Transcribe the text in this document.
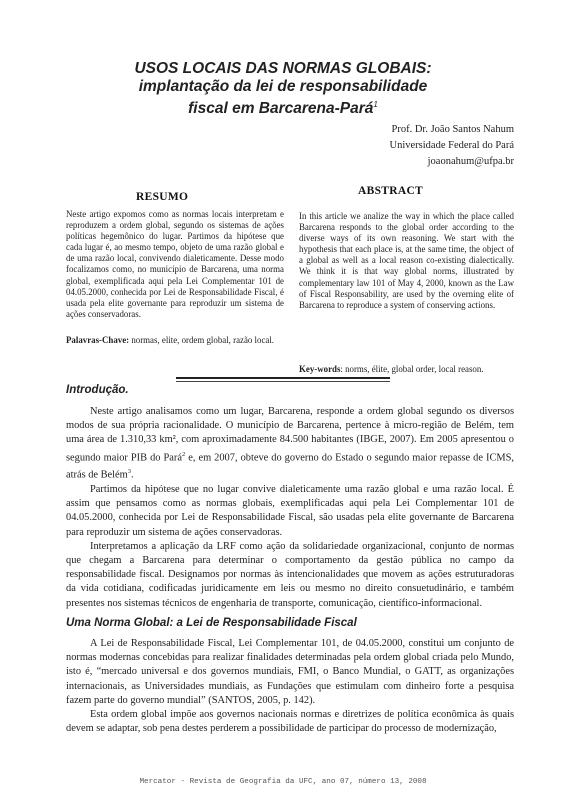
USOS LOCAIS DAS NORMAS GLOBAIS:
implantação da lei de responsabilidade
fiscal em Barcarena-Pará$^1$
Prof. Dr. João Santos Nahum
Universidade Federal do Pará
joaonahum@ufpa.br
RESUMO
Neste artigo expomos como as normas locais interpretam e reproduzem a ordem global, segundo os sistemas de ações políticas hegemônico do lugar. Partimos da hipótese que cada lugar é, ao mesmo tempo, objeto de uma razão global e de uma razão local, convivendo dialeticamente. Desse modo focalizamos como, no município de Barcarena, uma norma global, exemplificada aqui pela Lei Complementar 101 de 04.05.2000, conhecida por Lei de Responsabilidade Fiscal, é usada pela elite governante para reproduzir um sistema de ações conservadoras.
Palavras-Chave: normas, elite, ordem global, razão local.
ABSTRACT
In this article we analize the way in which the place called Barcarena responds to the global order according to the diverse ways of its own reasoning. We start with the hypothesis that each place is, at the same time, the object of a global as well as a local reason co-existing dialectically. We think it is that way global norms, illustrated by complementary law 101 of May 4, 2000, known as the Law of Fiscal Responsability, are used by the overning elite of Barcarena to reproduce a system of conserving actions.
Key-words: norms, élite, global order, local reason.
Introdução.

Neste artigo analisamos como um lugar, Barcarena, responde a ordem global segundo os diversos modos de sua própria racionalidade. O município de Barcarena, pertence à micro-região de Belém, tem uma área de 1.310,33 km², com aproximadamente 84.500 habitantes (IBGE, 2007). Em 2005 apresentou o segundo maior PIB do Pará$^2$ e, em 2007, obteve do governo do Estado o segundo maior repasse de ICMS, atrás de Belém$^3$.

Partimos da hipótese que no lugar convive dialeticamente uma razão global e uma razão local. É assim que pensamos como as normas globais, exemplificadas aqui pela Lei Complementar 101 de 04.05.2000, conhecida por Lei de Responsabilidade Fiscal, são usadas pela elite governante de Barcarena para reproduzir um sistema de ações conservadoras.

Interpretamos a aplicação da LRF como ação da solidariedade organizacional, conjunto de normas que chegam a Barcarena para determinar o comportamento da gestão pública no campo da responsabilidade fiscal. Designamos por normas às intencionalidades que movem as ações estruturadoras da vida cotidiana, codificadas juridicamente em leis ou mesmo no direito consuetudinário, e também presentes nos sistemas técnicos de engenharia de transporte, comunicação, científico-informacional.

Uma Norma Global: a Lei de Responsabilidade Fiscal

A Lei de Responsabilidade Fiscal, Lei Complementar 101, de 04.05.2000, constitui um conjunto de normas modernas concebidas para realizar finalidades determinadas pela ordem global criada pelo Mundo, isto é, “mercado universal e dos governos mundiais, FMI, o Banco Mundial, o GATT, as organizações internacionais, as Universidades mundiais, as Fundações que estimulam com dinheiro forte a pesquisa fazem parte do governo mundial” (SANTOS, 2005, p. 142).

Esta ordem global impõe aos governos nacionais normas e diretrizes de política econômica às quais devem se adaptar, sob pena destes perderem a possibilidade de participar do processo de modernização,

Mercator - Revista de Geografia da UFC, ano 07, número 13, 2008
